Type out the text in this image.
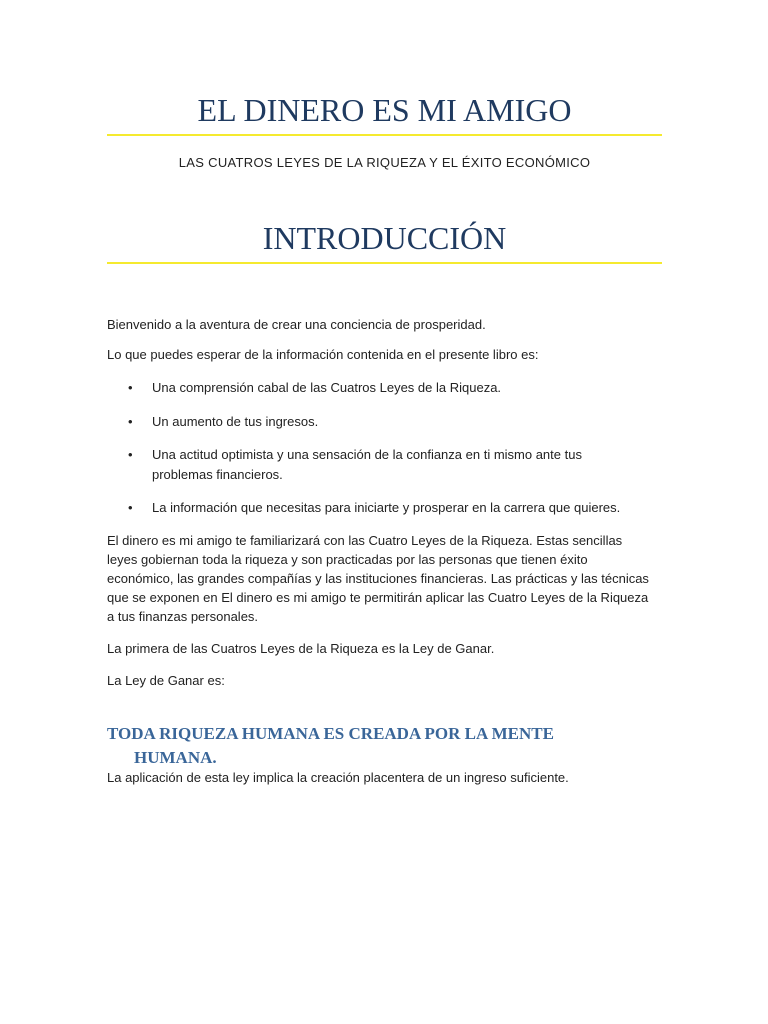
EL DINERO ES MI AMIGO
LAS CUATROS LEYES DE LA RIQUEZA Y EL ÉXITO ECONÓMICO
INTRODUCCIÓN

Bienvenido a la aventura de crear una conciencia de prosperidad.

Lo que puedes esperar de la información contenida en el presente libro es:

• Una comprensión cabal de las Cuatros Leyes de la Riqueza.
• Un aumento de tus ingresos.
• Una actitud optimista y una sensación de la confianza en ti mismo ante tus problemas financieros.
• La información que necesitas para iniciarte y prosperar en la carrera que quieres.

El dinero es mi amigo te familiarizará con las Cuatro Leyes de la Riqueza. Estas sencillas leyes gobiernan toda la riqueza y son practicadas por las personas que tienen éxito económico, las grandes compañías y las instituciones financieras. Las prácticas y las técnicas que se exponen en El dinero es mi amigo te permitirán aplicar las Cuatro Leyes de la Riqueza a tus finanzas personales.

La primera de las Cuatros Leyes de la Riqueza es la Ley de Ganar.

La Ley de Ganar es:

TODA RIQUEZA HUMANA ES CREADA POR LA MENTE
HUMANA.

La aplicación de esta ley implica la creación placentera de un ingreso suficiente.
